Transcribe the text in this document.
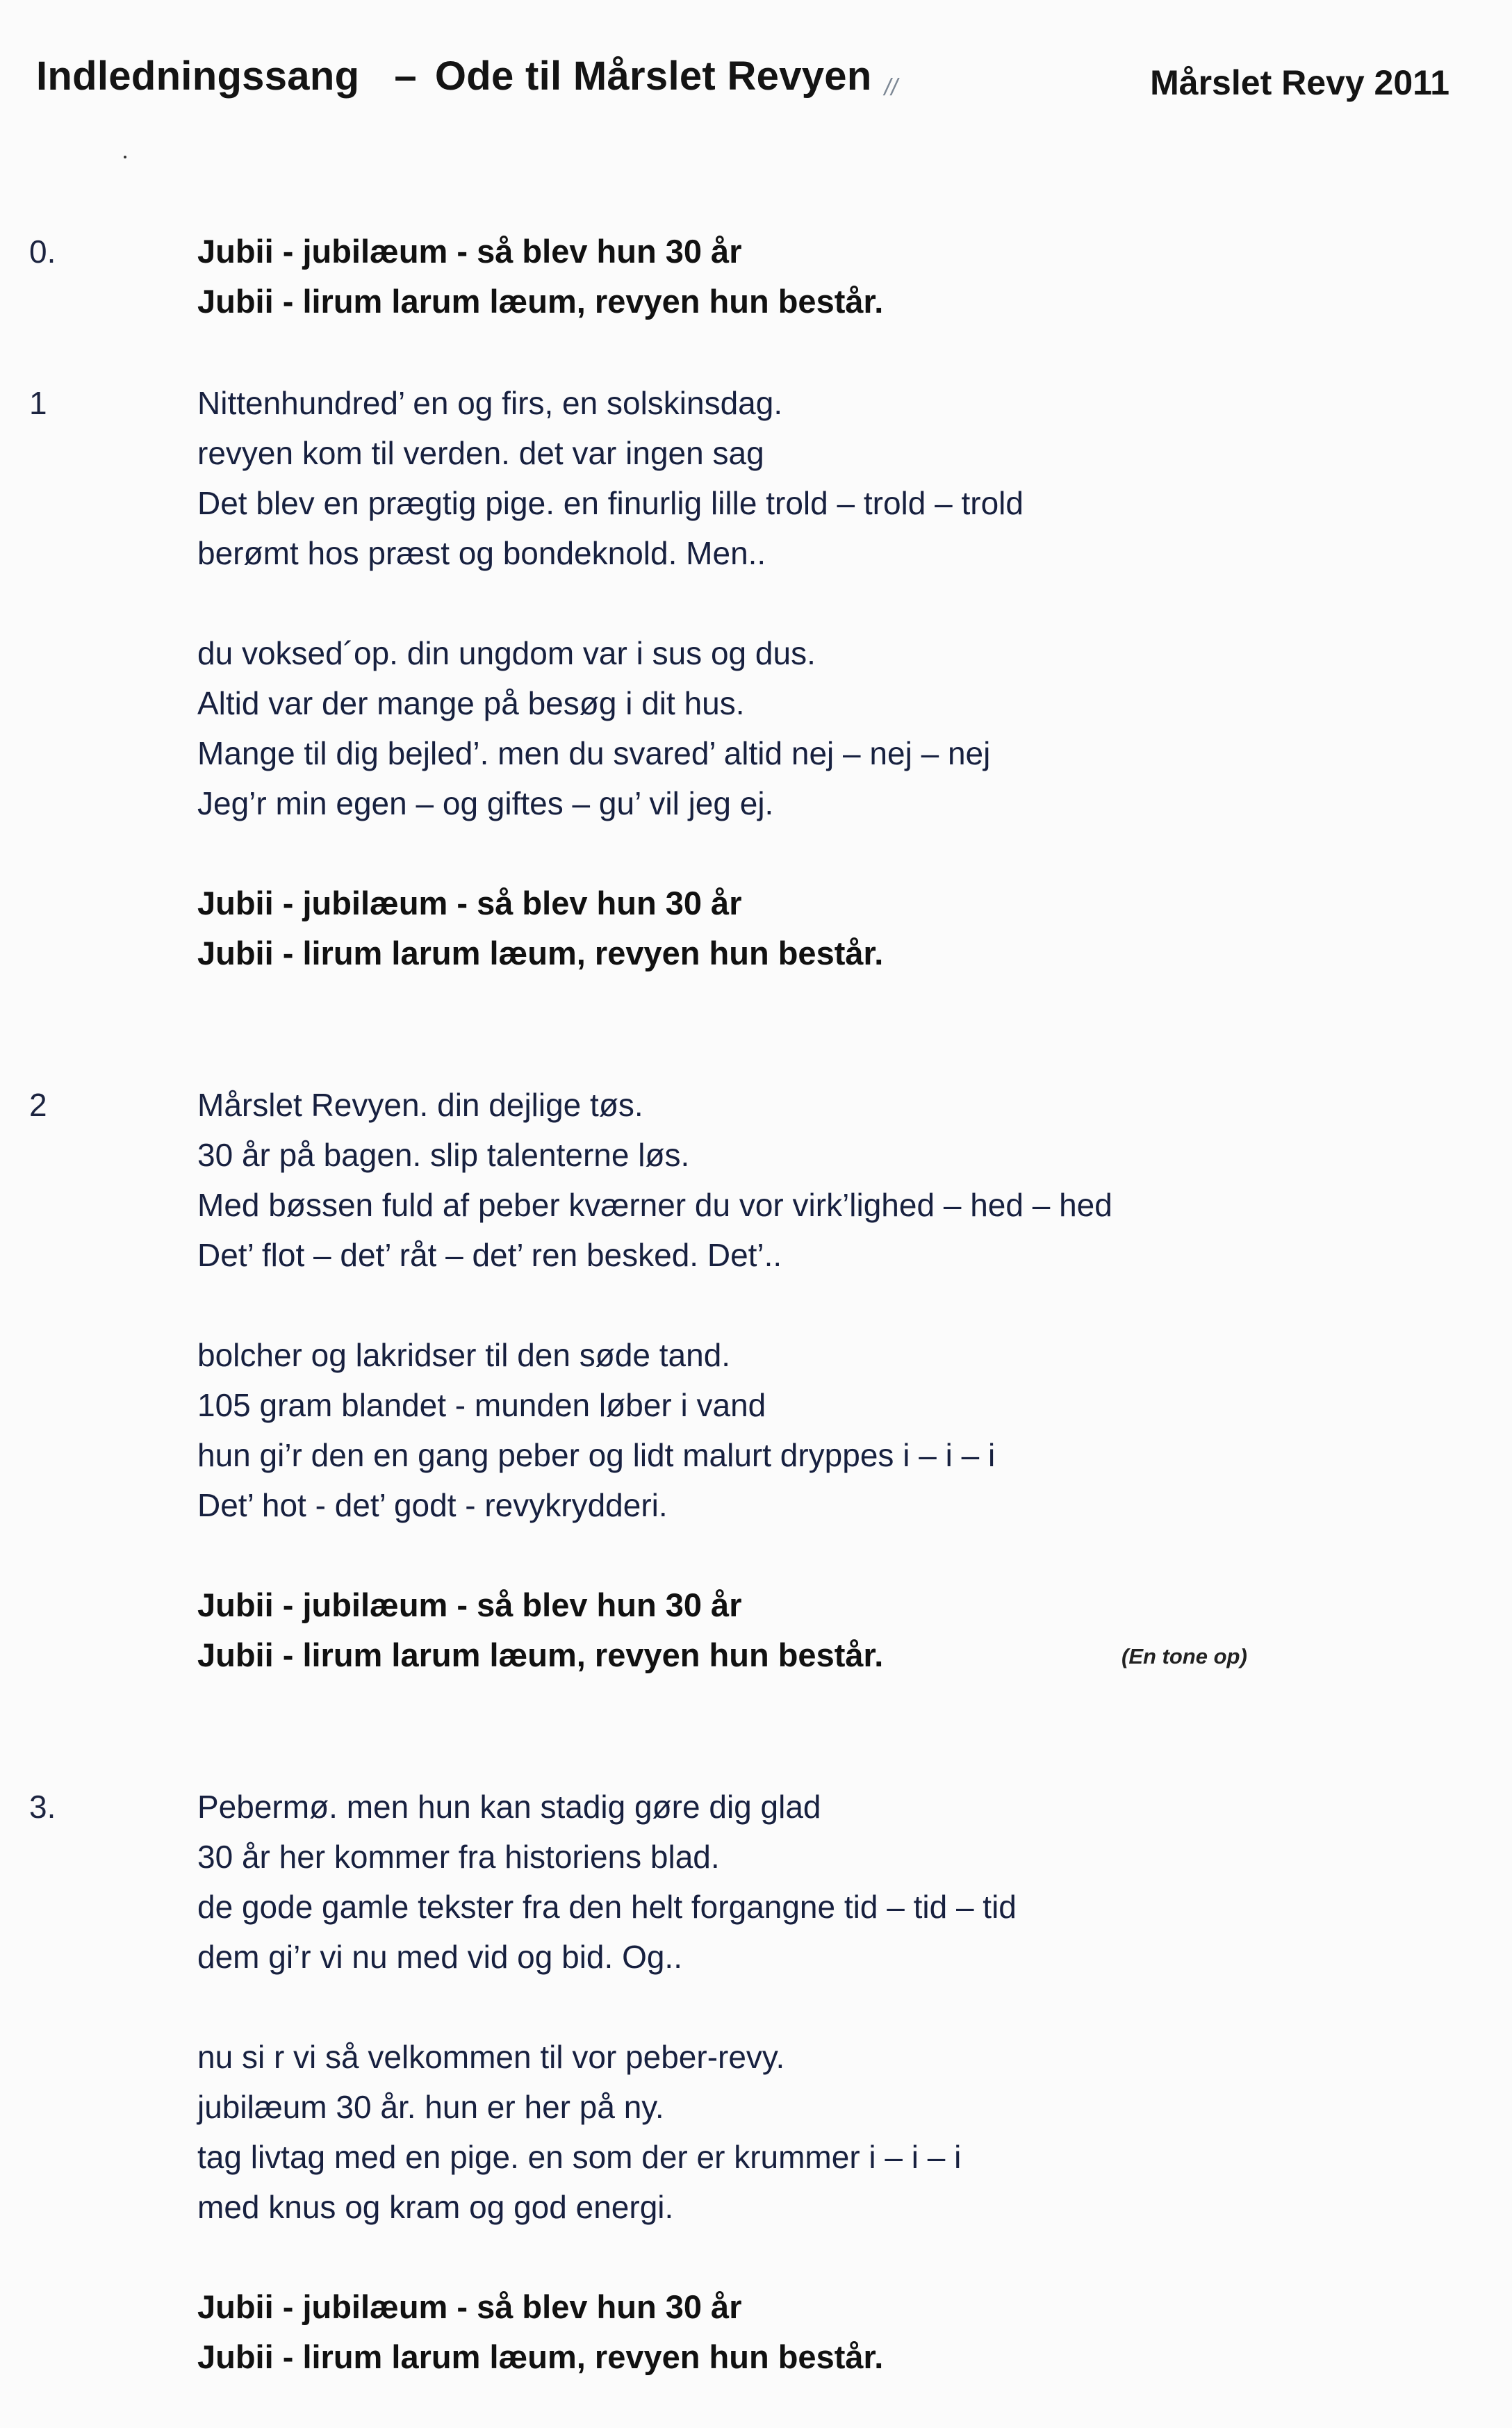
Indledningssang – Ode til Mårslet Revyen //	Mårslet Revy 2011
0.	Jubii - jubilæum - så blev hun 30 år
Jubii - lirum larum læum, revyen hun består.
1	Nittenhundred’ en og firs, en solskinsdag.
revyen kom til verden. det var ingen sag
Det blev en prægtig pige. en finurlig lille trold – trold – trold
berømt hos præst og bondeknold. Men..
du voksed´op. din ungdom var i sus og dus.
Altid var der mange på besøg i dit hus.
Mange til dig bejled’. men du svared’ altid nej – nej – nej
Jeg’r min egen – og giftes – gu’ vil jeg ej.
Jubii - jubilæum - så blev hun 30 år
Jubii - lirum larum læum, revyen hun består.
2	Mårslet Revyen. din dejlige tøs.
30 år på bagen. slip talenterne løs.
Med bøssen fuld af peber kværner du vor virk’lighed – hed – hed
Det’ flot – det’ råt – det’ ren besked. Det’..
bolcher og lakridser til den søde tand.
105 gram blandet - munden løber i vand
hun gi’r den en gang peber og lidt malurt dryppes i – i – i
Det’ hot - det’ godt - revykrydderi.
Jubii - jubilæum - så blev hun 30 år
Jubii - lirum larum læum, revyen hun består.	(En tone op)
3.	Pebermø. men hun kan stadig gøre dig glad
30 år her kommer fra historiens blad.
de gode gamle tekster fra den helt forgangne tid – tid – tid
dem gi’r vi nu med vid og bid. Og..
nu si r vi så velkommen til vor peber-revy.
jubilæum 30 år. hun er her på ny.
tag livtag med en pige. en som der er krummer i – i – i
med knus og kram og god energi.
Jubii - jubilæum - så blev hun 30 år
Jubii - lirum larum læum, revyen hun består.
